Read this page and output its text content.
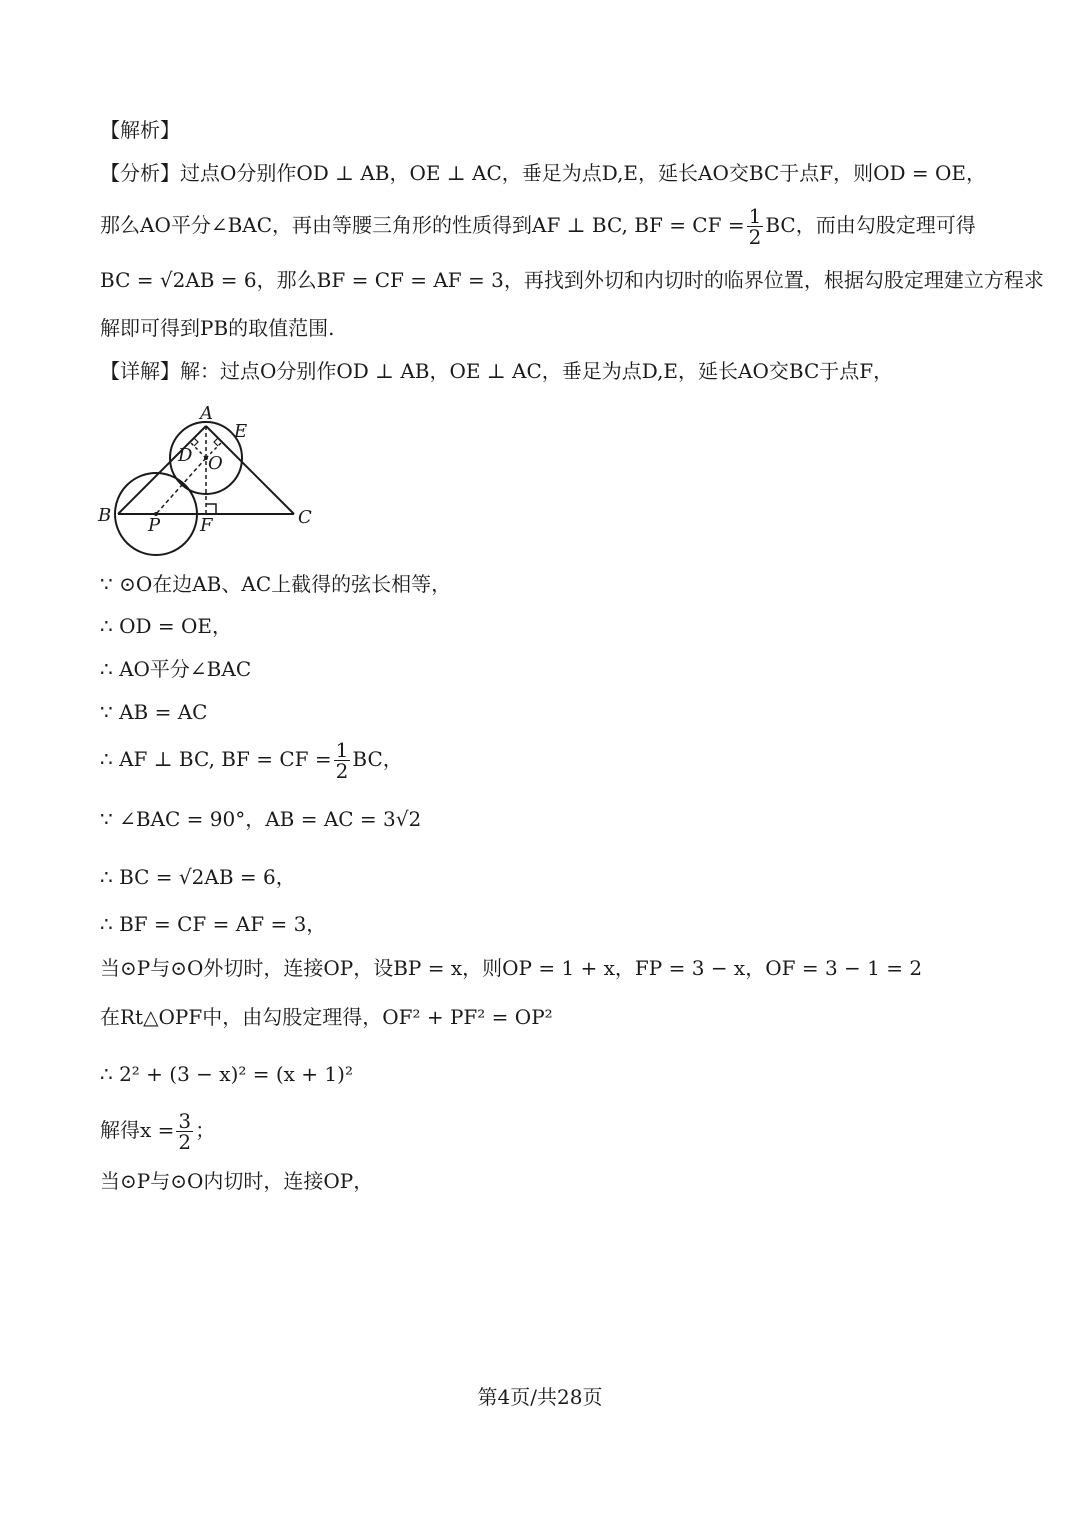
【解析】
【分析】过点O分别作OD ⊥ AB，OE ⊥ AC，垂足为点D,E，延长AO交BC于点F，则OD = OE，
那么AO平分∠BAC，再由等腰三角形的性质得到AF ⊥ BC, BF = CF = $\frac{1}{2}$ BC，而由勾股定理可得
BC = √2AB = 6，那么BF = CF = AF = 3，再找到外切和内切时的临界位置，根据勾股定理建立方程求
解即可得到PB的取值范围.
【详解】解：过点O分别作OD ⊥ AB，OE ⊥ AC，垂足为点D,E，延长AO交BC于点F，
A
B	C
D
E
O
P F
∵ ⊙O在边AB、AC上截得的弦长相等，
∴ OD = OE，
∴ AO平分∠BAC
∵ AB = AC
∴ AF ⊥ BC, BF = CF = $\frac{1}{2}$ BC，
∵ ∠BAC = 90°，AB = AC = 3√2
∴ BC = √2AB = 6，
∴ BF = CF = AF = 3，
当⊙P与⊙O外切时，连接OP，设BP = x，则OP = 1 + x，FP = 3 − x，OF = 3 − 1 = 2
在Rt△OPF中，由勾股定理得，OF² + PF² = OP²
∴ 2² + (3 − x)² = (x + 1)²
解得$x = \frac{3}{2}$ ；
当⊙P与⊙O内切时，连接OP，
第4页/共28页
